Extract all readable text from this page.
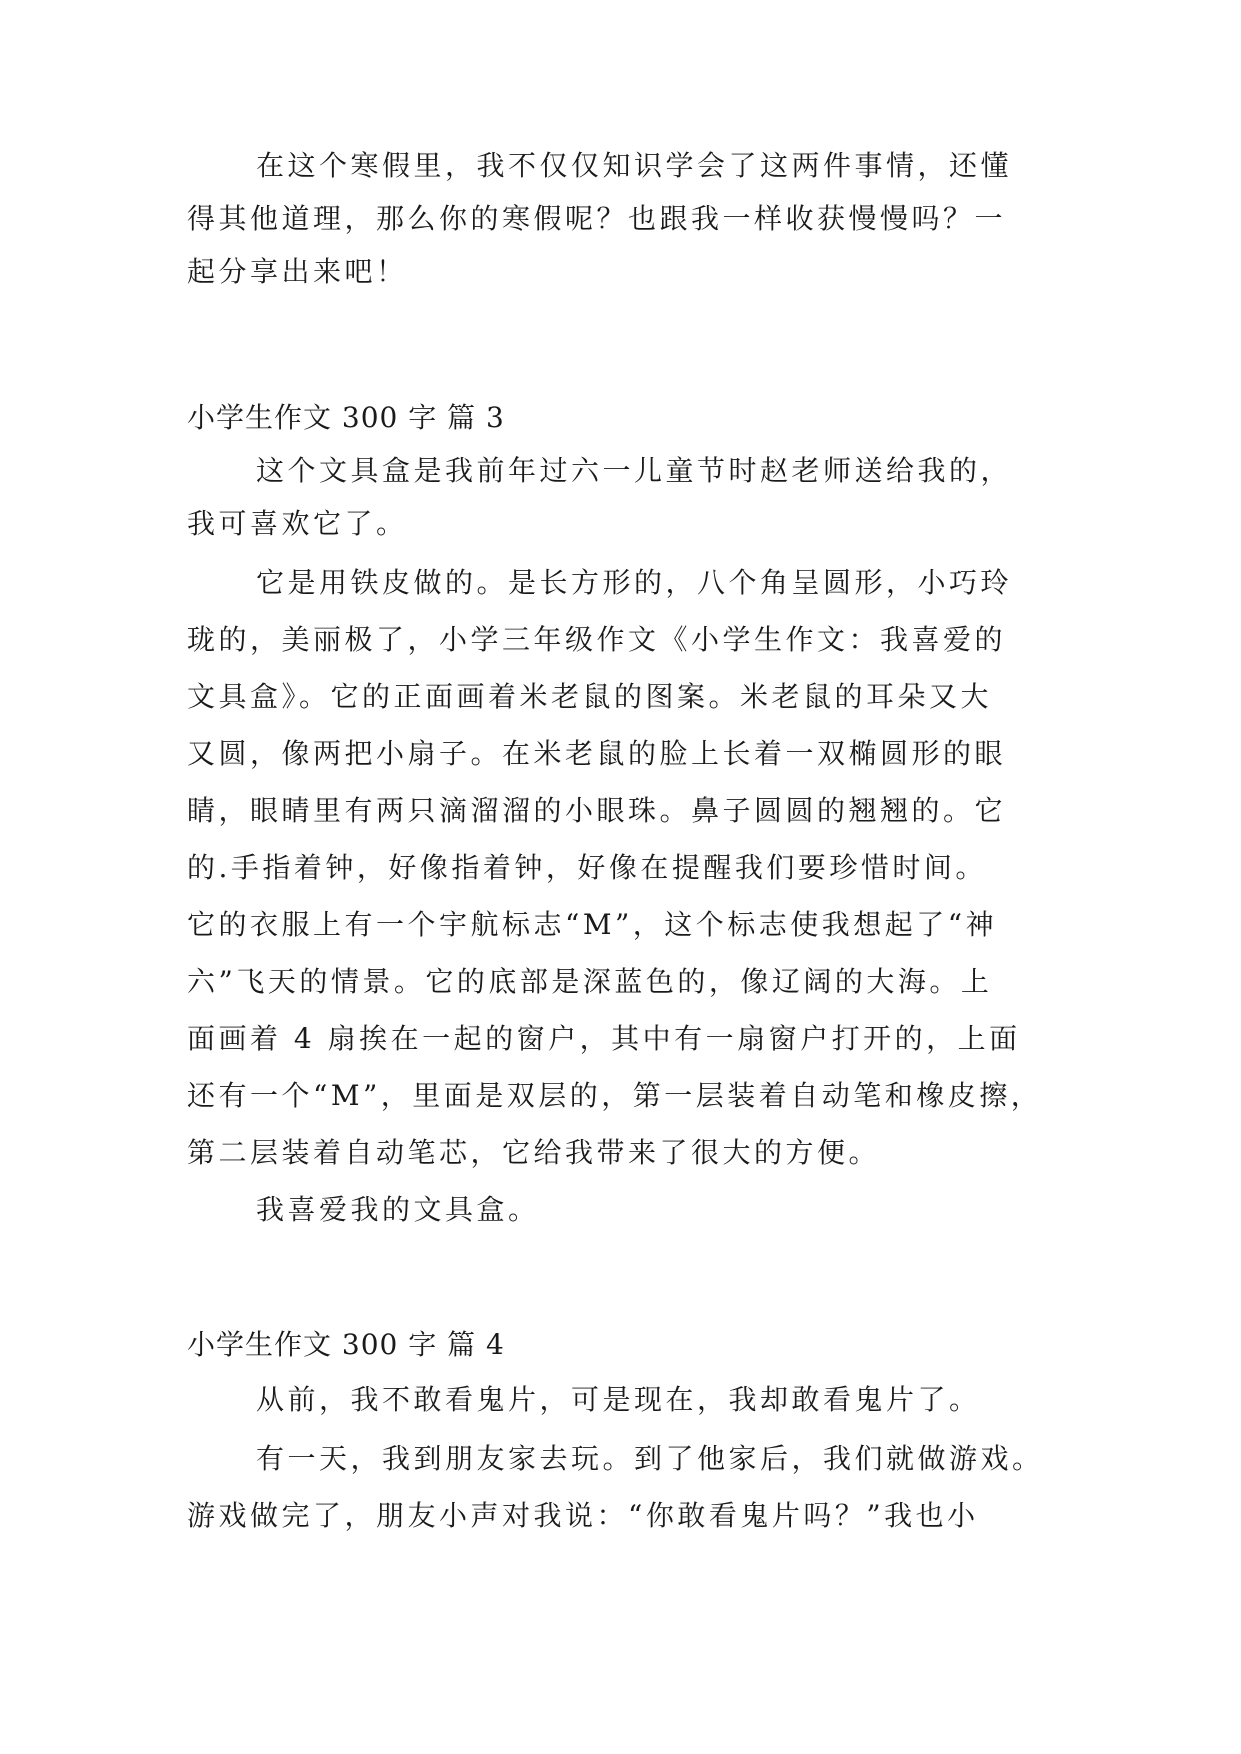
在这个寒假里，我不仅仅知识学会了这两件事情，还懂
得其他道理，那么你的寒假呢？也跟我一样收获慢慢吗？一
起分享出来吧！
小学生作文 300 字 篇 3
这个文具盒是我前年过六一儿童节时赵老师送给我的，
我可喜欢它了。
它是用铁皮做的。是长方形的，八个角呈圆形，小巧玲
珑的，美丽极了，小学三年级作文《小学生作文：我喜爱的
文具盒》。它的正面画着米老鼠的图案。米老鼠的耳朵又大
又圆，像两把小扇子。在米老鼠的脸上长着一双椭圆形的眼
睛，眼睛里有两只滴溜溜的小眼珠。鼻子圆圆的翘翘的。它
的.手指着钟，好像指着钟，好像在提醒我们要珍惜时间。
它的衣服上有一个宇航标志“M”，这个标志使我想起了“神
六”飞天的情景。它的底部是深蓝色的，像辽阔的大海。上
面画着 4 扇挨在一起的窗户，其中有一扇窗户打开的，上面
还有一个“M”，里面是双层的，第一层装着自动笔和橡皮擦，
第二层装着自动笔芯，它给我带来了很大的方便。
我喜爱我的文具盒。
小学生作文 300 字 篇 4
从前，我不敢看鬼片，可是现在，我却敢看鬼片了。
有一天，我到朋友家去玩。到了他家后，我们就做游戏。
游戏做完了，朋友小声对我说：“你敢看鬼片吗？”我也小
